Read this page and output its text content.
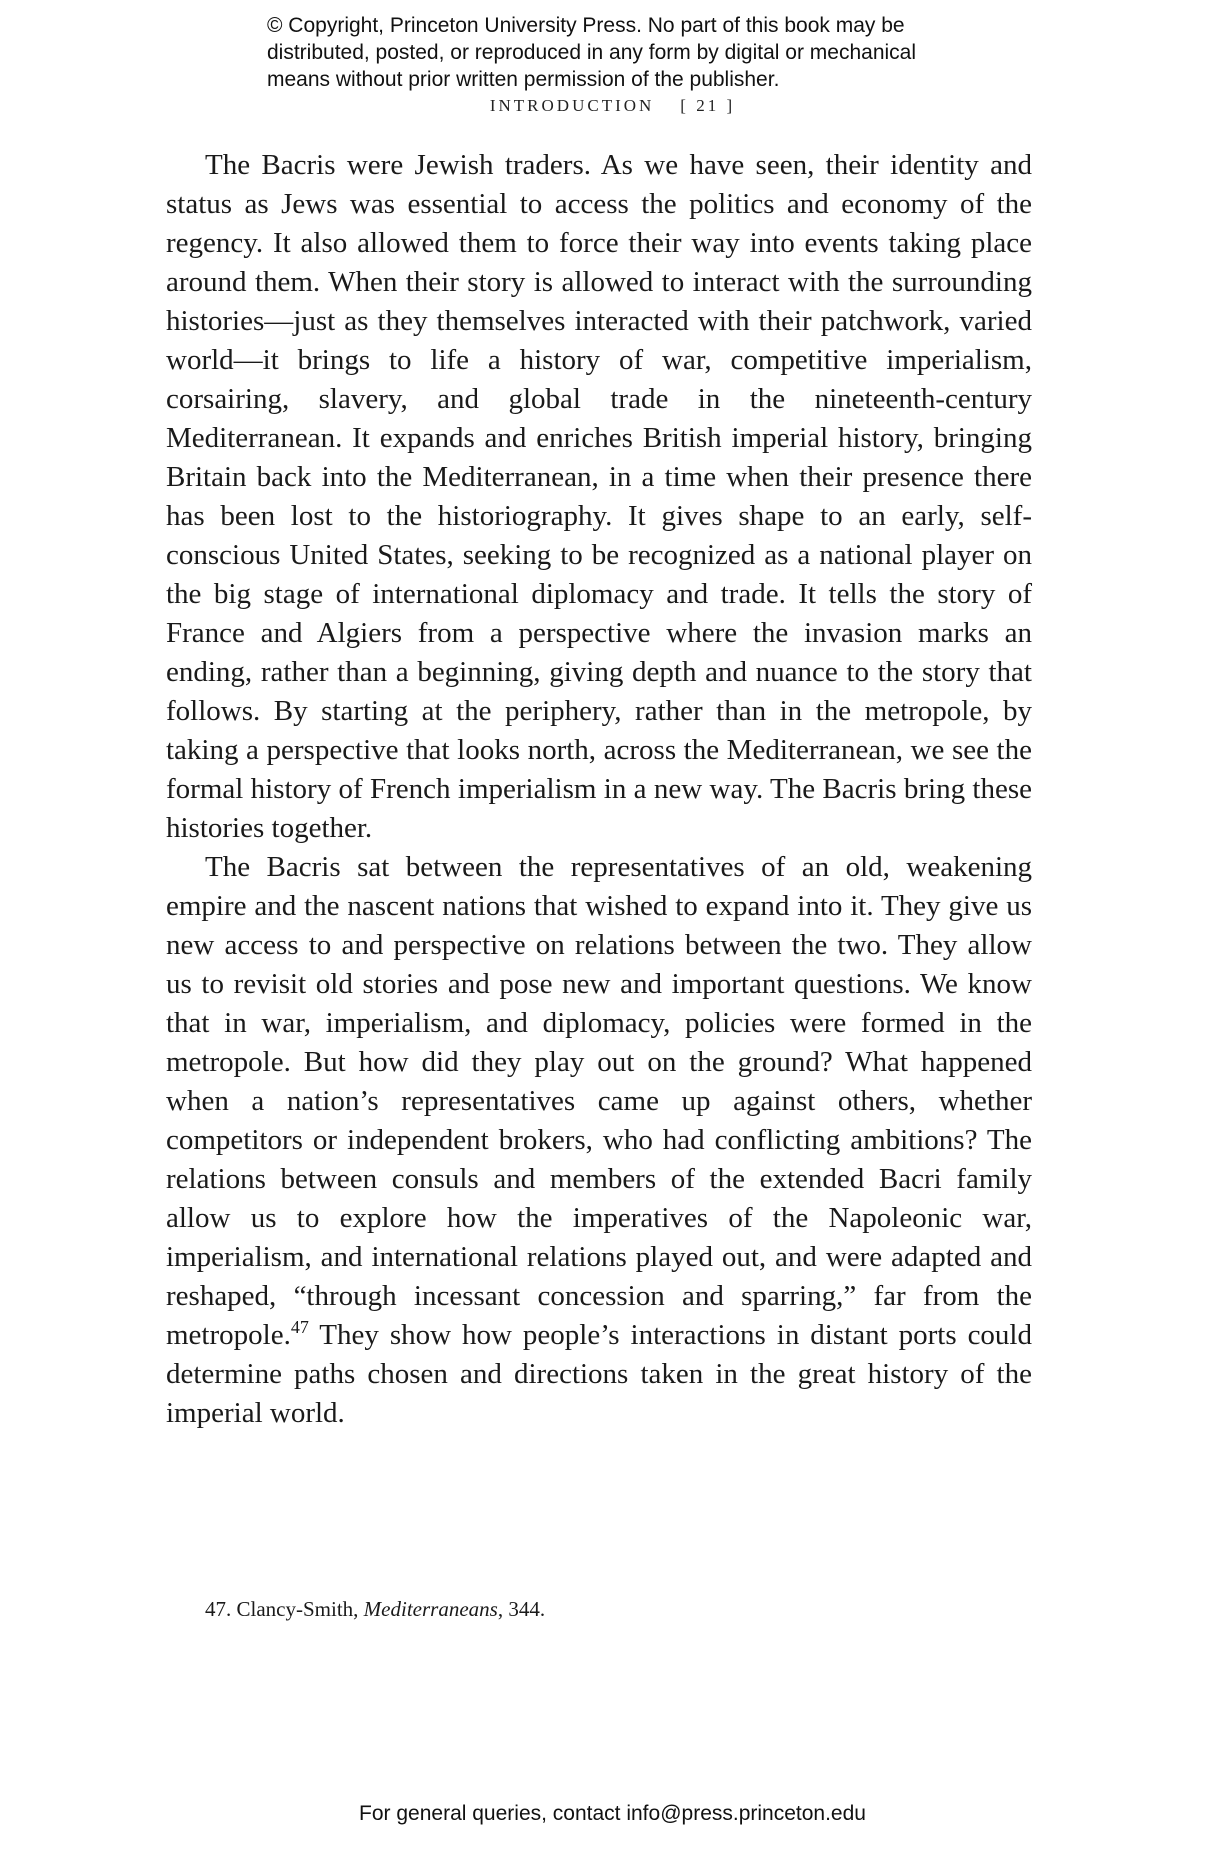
© Copyright, Princeton University Press. No part of this book may be
distributed, posted, or reproduced in any form by digital or mechanical
means without prior written permission of the publisher.
INTRODUCTION [ 21 ]

The Bacris were Jewish traders. As we have seen, their identity and status as Jews was essential to access the politics and economy of the regency. It also allowed them to force their way into events taking place around them. When their story is allowed to interact with the surrounding histories—just as they themselves interacted with their patchwork, varied world—it brings to life a history of war, competitive imperialism, corsairing, slavery, and global trade in the nineteenth-century Mediterranean. It expands and enriches British imperial history, bringing Britain back into the Mediterranean, in a time when their presence there has been lost to the historiography. It gives shape to an early, self-conscious United States, seeking to be recognized as a national player on the big stage of international diplomacy and trade. It tells the story of France and Algiers from a perspective where the invasion marks an ending, rather than a beginning, giving depth and nuance to the story that follows. By starting at the periphery, rather than in the metropole, by taking a perspective that looks north, across the Mediterranean, we see the formal history of French imperialism in a new way. The Bacris bring these histories together.

The Bacris sat between the representatives of an old, weakening empire and the nascent nations that wished to expand into it. They give us new access to and perspective on relations between the two. They allow us to revisit old stories and pose new and important questions. We know that in war, imperialism, and diplomacy, policies were formed in the metropole. But how did they play out on the ground? What happened when a nation’s representatives came up against others, whether competitors or independent brokers, who had conflicting ambitions? The relations between consuls and members of the extended Bacri family allow us to explore how the imperatives of the Napoleonic war, imperialism, and international relations played out, and were adapted and reshaped, “through incessant concession and sparring,” far from the metropole.$^{47}$ They show how people’s interactions in distant ports could determine paths chosen and directions taken in the great history of the imperial world.

47. Clancy-Smith, Mediterraneans, 344.
For general queries, contact info@press.princeton.edu
